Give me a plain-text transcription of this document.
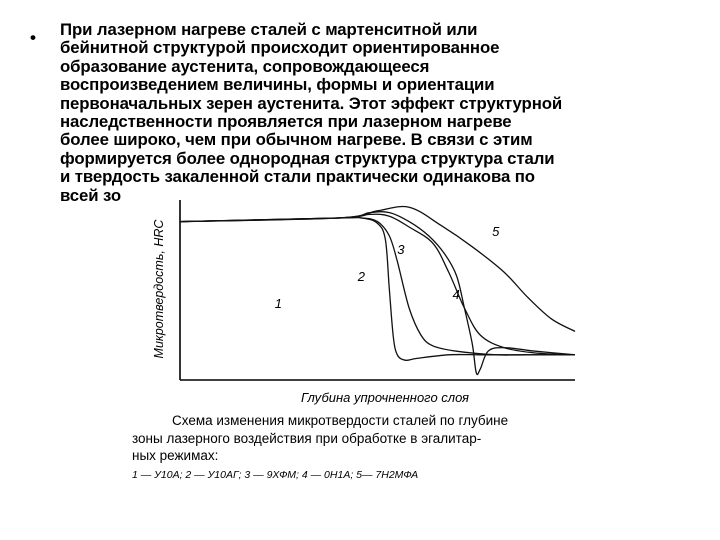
• При лазерном нагреве сталей с мартенситной или
бейнитной структурой происходит ориентированное
образование аустенита, сопровождающееся
воспроизведением величины, формы и ориентации
первоначальных зерен аустенита. Этот эффект структурной
наследственности проявляется при лазерном нагреве
более широко, чем при обычном нагреве. В связи с этим
формируется более однородная структура структура стали
и твердость закаленной стали практически одинакова по
всей зо
Микротвердость, HRC
Глубина упрочненного слоя
1
2
3
4
5
Схема изменения микротвердости сталей по глубине
зоны лазерного воздействия при обработке в эгалитар-
ных режимах:
1 — У10А; 2 — У10АГ; 3 — 9ХФМ; 4 — 0Н1А; 5— 7Н2МФА
